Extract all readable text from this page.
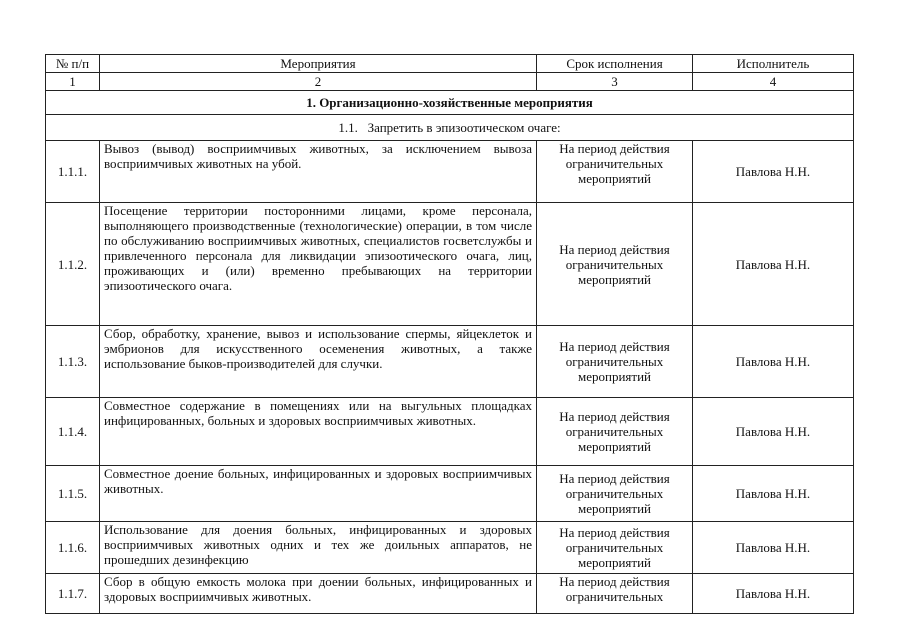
№ п/п	Мероприятия	Срок исполнения	Исполнитель
1	2	3	4
1. Организационно-хозяйственные мероприятия			
1.1.   Запретить в эпизоотическом очаге:			
1.1.1.	Вывоз (вывод) восприимчивых животных, за исключением вывоза восприимчивых животных на убой.	На период действия ограничительных мероприятий	Павлова Н.Н.
1.1.2.	Посещение территории посторонними лицами, кроме персонала, выполняющего производственные (технологические) операции, в том числе по обслуживанию восприимчивых животных, специалистов госветслужбы и привлеченного персонала для ликвидации эпизоотического очага, лиц, проживающих и (или) временно пребывающих на территории эпизоотического очага.	На период действия ограничительных мероприятий	Павлова Н.Н.
1.1.3.	Сбор, обработку, хранение, вывоз и использование спермы, яйцеклеток и эмбрионов для искусственного осеменения животных, а также использование быков-производителей для случки.	На период действия ограничительных мероприятий	Павлова Н.Н.
1.1.4.	Совместное содержание в помещениях или на выгульных площадках инфицированных, больных и здоровых восприимчивых животных.	На период действия ограничительных мероприятий	Павлова Н.Н.
1.1.5.	Совместное доение больных, инфицированных и здоровых восприимчивых животных.	На период действия ограничительных мероприятий	Павлова Н.Н.
1.1.6.	Использование для доения больных, инфицированных и здоровых восприимчивых животных одних и тех же доильных аппаратов, не прошедших дезинфекцию	На период действия ограничительных мероприятий	Павлова Н.Н.
1.1.7.	Сбор в общую емкость молока при доении больных, инфицированных и здоровых восприимчивых животных.	На период действия ограничительных	Павлова Н.Н.
